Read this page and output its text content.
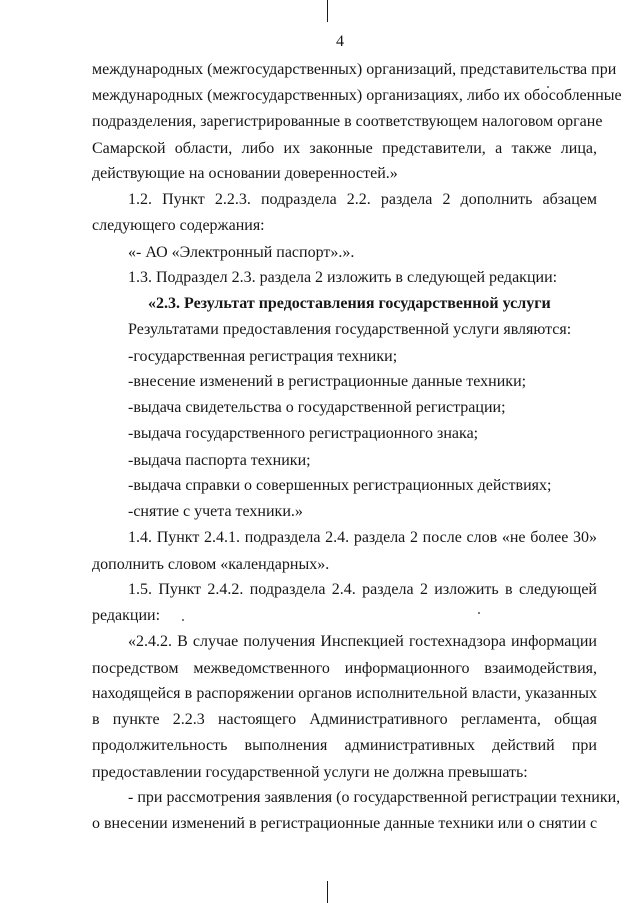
4
международных (межгосударственных) организаций, представительства при
международных (межгосударственных) организациях, либо их обособленные
подразделения, зарегистрированные в соответствующем налоговом органе
Самарской области, либо их законные представители, а также лица,
действующие на основании доверенностей.»
1.2. Пункт 2.2.3. подраздела 2.2. раздела 2 дополнить абзацем
следующего содержания:
«- АО «Электронный паспорт».».
1.3. Подраздел 2.3. раздела 2 изложить в следующей редакции:
«2.3. Результат предоставления государственной услуги
Результатами предоставления государственной услуги являются:
-государственная регистрация техники;
-внесение изменений в регистрационные данные техники;
-выдача свидетельства о государственной регистрации;
-выдача государственного регистрационного знака;
-выдача паспорта техники;
-выдача справки о совершенных регистрационных действиях;
-снятие с учета техники.»
1.4. Пункт 2.4.1. подраздела 2.4. раздела 2 после слов «не более 30»
дополнить словом «календарных».
1.5. Пункт 2.4.2. подраздела 2.4. раздела 2 изложить в следующей
редакции:
«2.4.2. В случае получения Инспекцией гостехнадзора информации
посредством межведомственного информационного взаимодействия,
находящейся в распоряжении органов исполнительной власти, указанных
в пункте 2.2.3 настоящего Административного регламента, общая
продолжительность выполнения административных действий при
предоставлении государственной услуги не должна превышать:
- при рассмотрения заявления (о государственной регистрации техники,
о внесении изменений в регистрационные данные техники или о снятии с
